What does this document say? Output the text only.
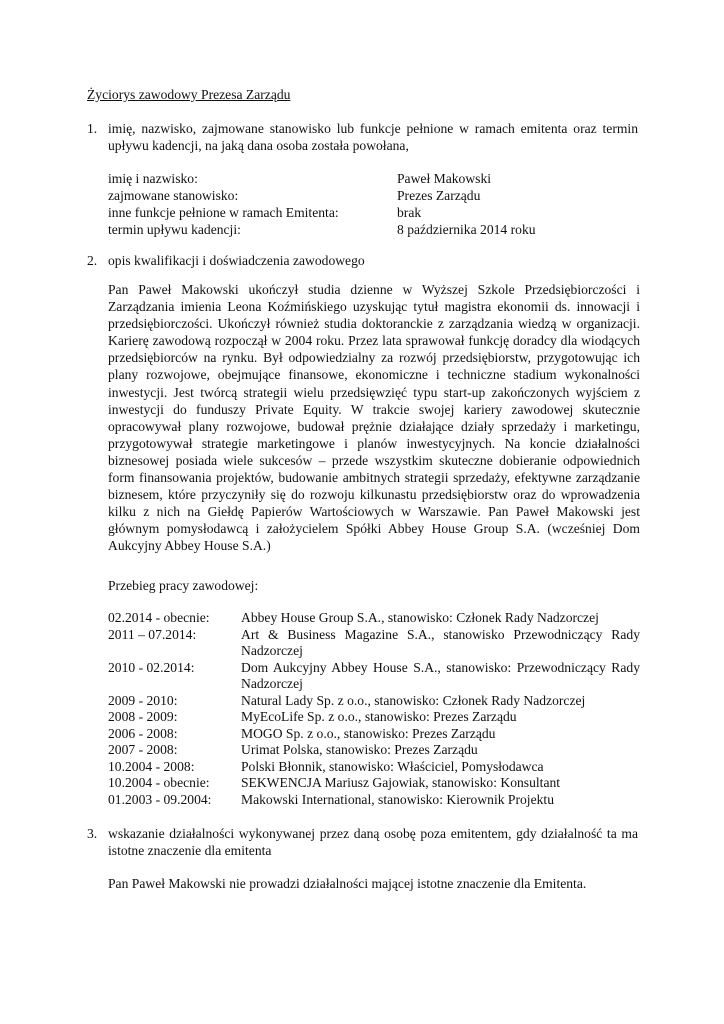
Życiorys zawodowy Prezesa Zarządu
1. imię, nazwisko, zajmowane stanowisko lub funkcje pełnione w ramach emitenta oraz termin upływu kadencji, na jaką dana osoba została powołana,
imię i nazwisko:	Paweł Makowski
zajmowane stanowisko:	Prezes Zarządu
inne funkcje pełnione w ramach Emitenta:	brak
termin upływu kadencji:	8 października 2014 roku
2. opis kwalifikacji i doświadczenia zawodowego

Pan Paweł Makowski ukończył studia dzienne w Wyższej Szkole Przedsiębiorczości i Zarządzania imienia Leona Koźmińskiego uzyskując tytuł magistra ekonomii ds. innowacji i przedsiębiorczości. Ukończył również studia doktoranckie z zarządzania wiedzą w organizacji. Karierę zawodową rozpoczął w 2004 roku. Przez lata sprawował funkcję doradcy dla wiodących przedsiębiorców na rynku. Był odpowiedzialny za rozwój przedsiębiorstw, przygotowując ich plany rozwojowe, obejmujące finansowe, ekonomiczne i techniczne stadium wykonalności inwestycji. Jest twórcą strategii wielu przedsięwzięć typu start-up zakończonych wyjściem z inwestycji do funduszy Private Equity. W trakcie swojej kariery zawodowej skutecznie opracowywał plany rozwojowe, budował prężnie działające działy sprzedaży i marketingu, przygotowywał strategie marketingowe i planów inwestycyjnych. Na koncie działalności biznesowej posiada wiele sukcesów – przede wszystkim skuteczne dobieranie odpowiednich form finansowania projektów, budowanie ambitnych strategii sprzedaży, efektywne zarządzanie biznesem, które przyczyniły się do rozwoju kilkunastu przedsiębiorstw oraz do wprowadzenia kilku z nich na Giełdę Papierów Wartościowych w Warszawie. Pan Paweł Makowski jest głównym pomysłodawcą i założycielem Spółki Abbey House Group S.A. (wcześniej Dom Aukcyjny Abbey House S.A.)

Przebieg pracy zawodowej:
02.2014 - obecnie:	Abbey House Group S.A., stanowisko: Członek Rady Nadzorczej
2011 – 07.2014:	Art & Business Magazine S.A., stanowisko Przewodniczący Rady Nadzorczej
2010 - 02.2014:	Dom Aukcyjny Abbey House S.A., stanowisko: Przewodniczący Rady Nadzorczej
2009 - 2010:	Natural Lady Sp. z o.o., stanowisko: Członek Rady Nadzorczej
2008 - 2009:	MyEcoLife Sp. z o.o., stanowisko: Prezes Zarządu
2006 - 2008:	MOGO Sp. z o.o., stanowisko: Prezes Zarządu
2007 - 2008:	Urimat Polska, stanowisko: Prezes Zarządu
10.2004 - 2008:	Polski Błonnik, stanowisko: Właściciel, Pomysłodawca
10.2004 - obecnie:	SEKWENCJA Mariusz Gajowiak, stanowisko: Konsultant
01.2003 - 09.2004:	Makowski International, stanowisko: Kierownik Projektu
3. wskazanie działalności wykonywanej przez daną osobę poza emitentem, gdy działalność ta ma istotne znaczenie dla emitenta
Pan Paweł Makowski nie prowadzi działalności mającej istotne znaczenie dla Emitenta.
